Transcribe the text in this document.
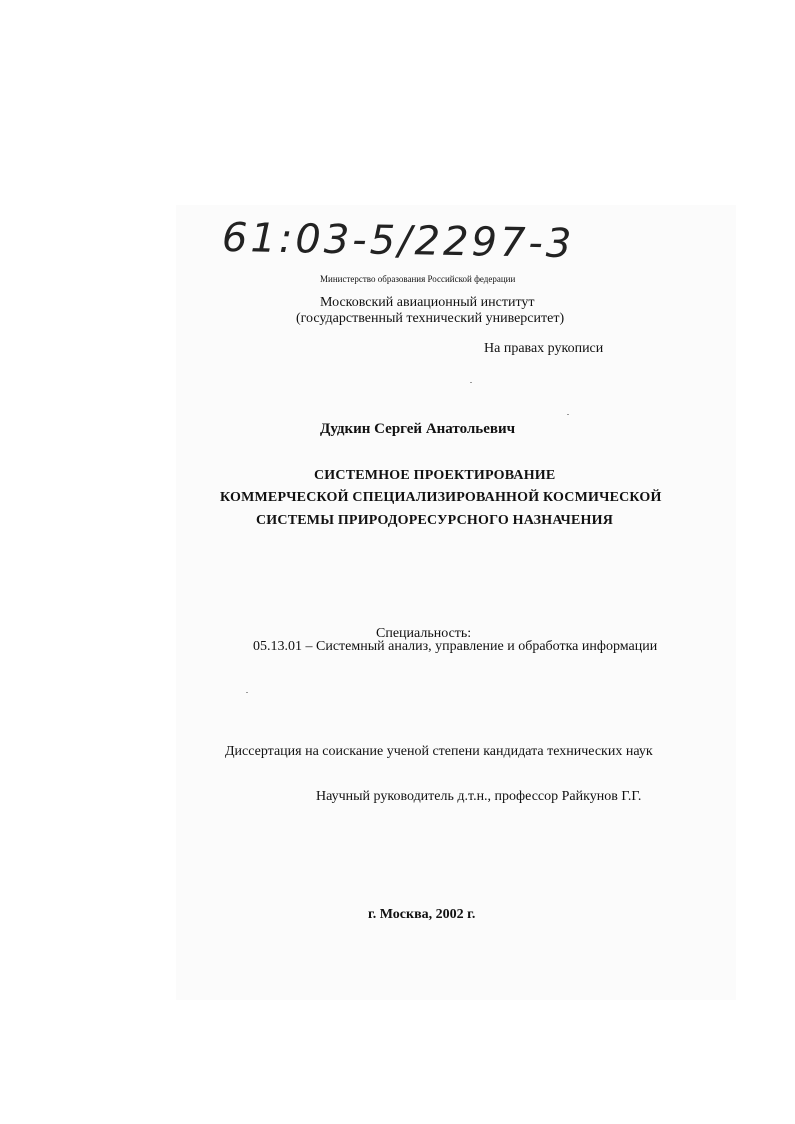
61:03-5/2297-3
Министерство образования Российской федерации
Московский авиационный институт
(государственный технический университет)
На правах рукописи
Дудкин Сергей Анатольевич
СИСТЕМНОЕ ПРОЕКТИРОВАНИЕ
КОММЕРЧЕСКОЙ СПЕЦИАЛИЗИРОВАННОЙ КОСМИЧЕСКОЙ
СИСТЕМЫ ПРИРОДОРЕСУРСНОГО НАЗНАЧЕНИЯ
Специальность:
05.13.01 – Системный анализ, управление и обработка информации
Диссертация на соискание ученой степени кандидата технических наук
Научный руководитель д.т.н., профессор Райкунов Г.Г.
г. Москва, 2002 г.
